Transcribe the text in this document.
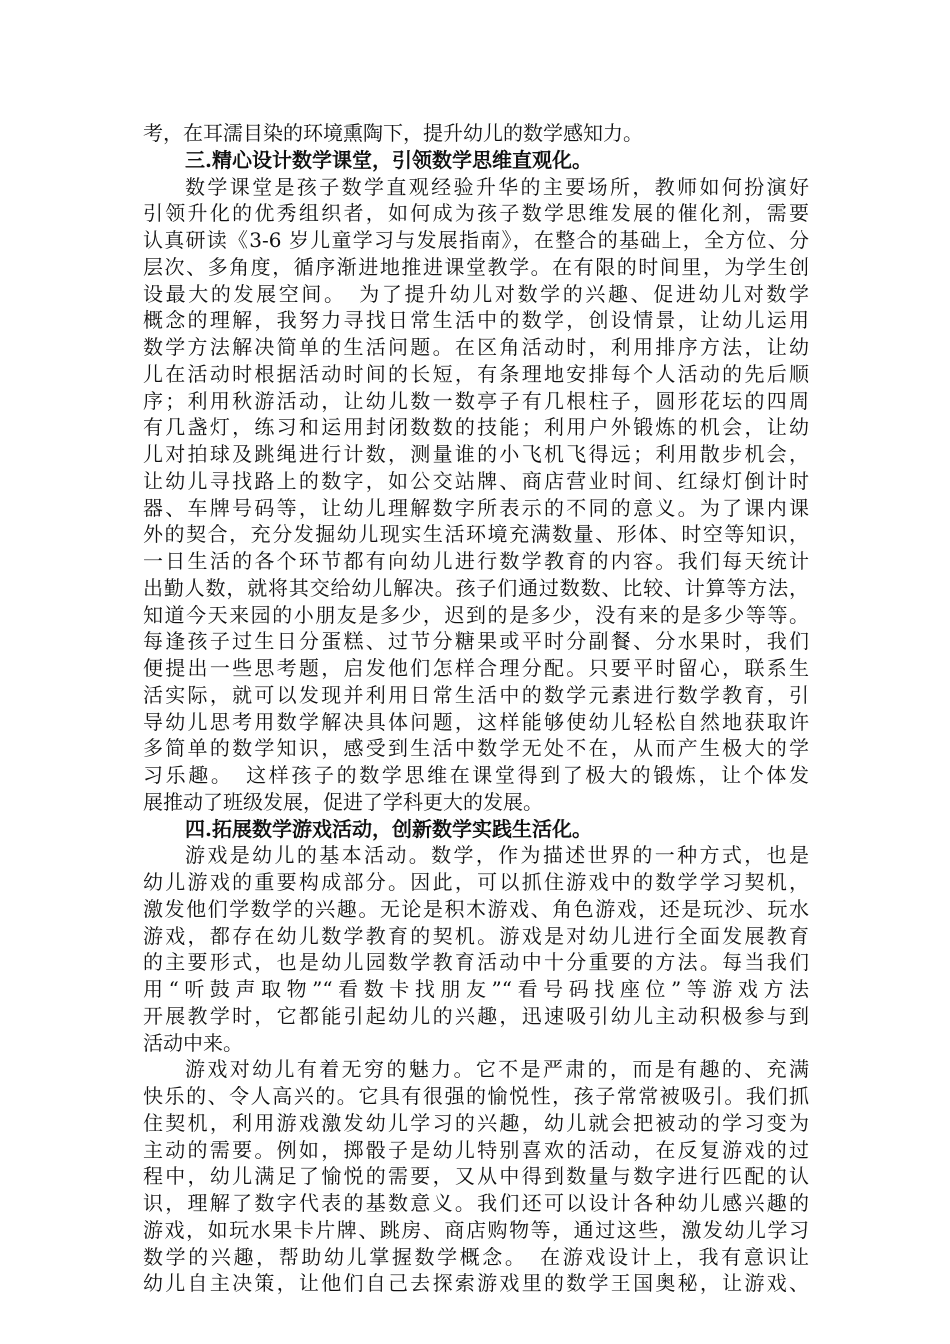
考，在耳濡目染的环境熏陶下，提升幼儿的数学感知力。
三.精心设计数学课堂，引领数学思维直观化。
数学课堂是孩子数学直观经验升华的主要场所，教师如何扮演好
引领升化的优秀组织者，如何成为孩子数学思维发展的催化剂，需要
认真研读《3-6 岁儿童学习与发展指南》，在整合的基础上，全方位、分
层次、多角度，循序渐进地推进课堂教学。在有限的时间里，为学生创
设最大的发展空间。　为了提升幼儿对数学的兴趣、促进幼儿对数学
概念的理解，我努力寻找日常生活中的数学，创设情景，让幼儿运用
数学方法解决简单的生活问题。在区角活动时，利用排序方法，让幼
儿在活动时根据活动时间的长短，有条理地安排每个人活动的先后顺
序；利用秋游活动，让幼儿数一数亭子有几根柱子，圆形花坛的四周
有几盏灯，练习和运用封闭数数的技能；利用户外锻炼的机会，让幼
儿对拍球及跳绳进行计数，测量谁的小飞机飞得远；利用散步机会，
让幼儿寻找路上的数字，如公交站牌、商店营业时间、红绿灯倒计时
器、车牌号码等，让幼儿理解数字所表示的不同的意义。为了课内课
外的契合，充分发掘幼儿现实生活环境充满数量、形体、时空等知识，
一日生活的各个环节都有向幼儿进行数学教育的内容。我们每天统计
出勤人数，就将其交给幼儿解决。孩子们通过数数、比较、计算等方法，
知道今天来园的小朋友是多少，迟到的是多少，没有来的是多少等等。
每逢孩子过生日分蛋糕、过节分糖果或平时分副餐、分水果时，我们
便提出一些思考题，启发他们怎样合理分配。只要平时留心，联系生
活实际，就可以发现并利用日常生活中的数学元素进行数学教育，引
导幼儿思考用数学解决具体问题，这样能够使幼儿轻松自然地获取许
多简单的数学知识，感受到生活中数学无处不在，从而产生极大的学
习乐趣。　这样孩子的数学思维在课堂得到了极大的锻炼，让个体发
展推动了班级发展，促进了学科更大的发展。
四.拓展数学游戏活动，创新数学实践生活化。
游戏是幼儿的基本活动。数学，作为描述世界的一种方式，也是
幼儿游戏的重要构成部分。因此，可以抓住游戏中的数学学习契机，
激发他们学数学的兴趣。无论是积木游戏、角色游戏，还是玩沙、玩水
游戏，都存在幼儿数学教育的契机。游戏是对幼儿进行全面发展教育
的主要形式，也是幼儿园数学教育活动中十分重要的方法。每当我们
用“听鼓声取物”“看数卡找朋友”“看号码找座位”等游戏方法
开展教学时，它都能引起幼儿的兴趣，迅速吸引幼儿主动积极参与到
活动中来。
游戏对幼儿有着无穷的魅力。它不是严肃的，而是有趣的、充满
快乐的、令人高兴的。它具有很强的愉悦性，孩子常常被吸引。我们抓
住契机，利用游戏激发幼儿学习的兴趣，幼儿就会把被动的学习变为
主动的需要。例如，掷骰子是幼儿特别喜欢的活动，在反复游戏的过
程中，幼儿满足了愉悦的需要，又从中得到数量与数字进行匹配的认
识，理解了数字代表的基数意义。我们还可以设计各种幼儿感兴趣的
游戏，如玩水果卡片牌、跳房、商店购物等，通过这些，激发幼儿学习
数学的兴趣，帮助幼儿掌握数学概念。　在游戏设计上，我有意识让
幼儿自主决策，让他们自己去探索游戏里的数学王国奥秘，让游戏、
